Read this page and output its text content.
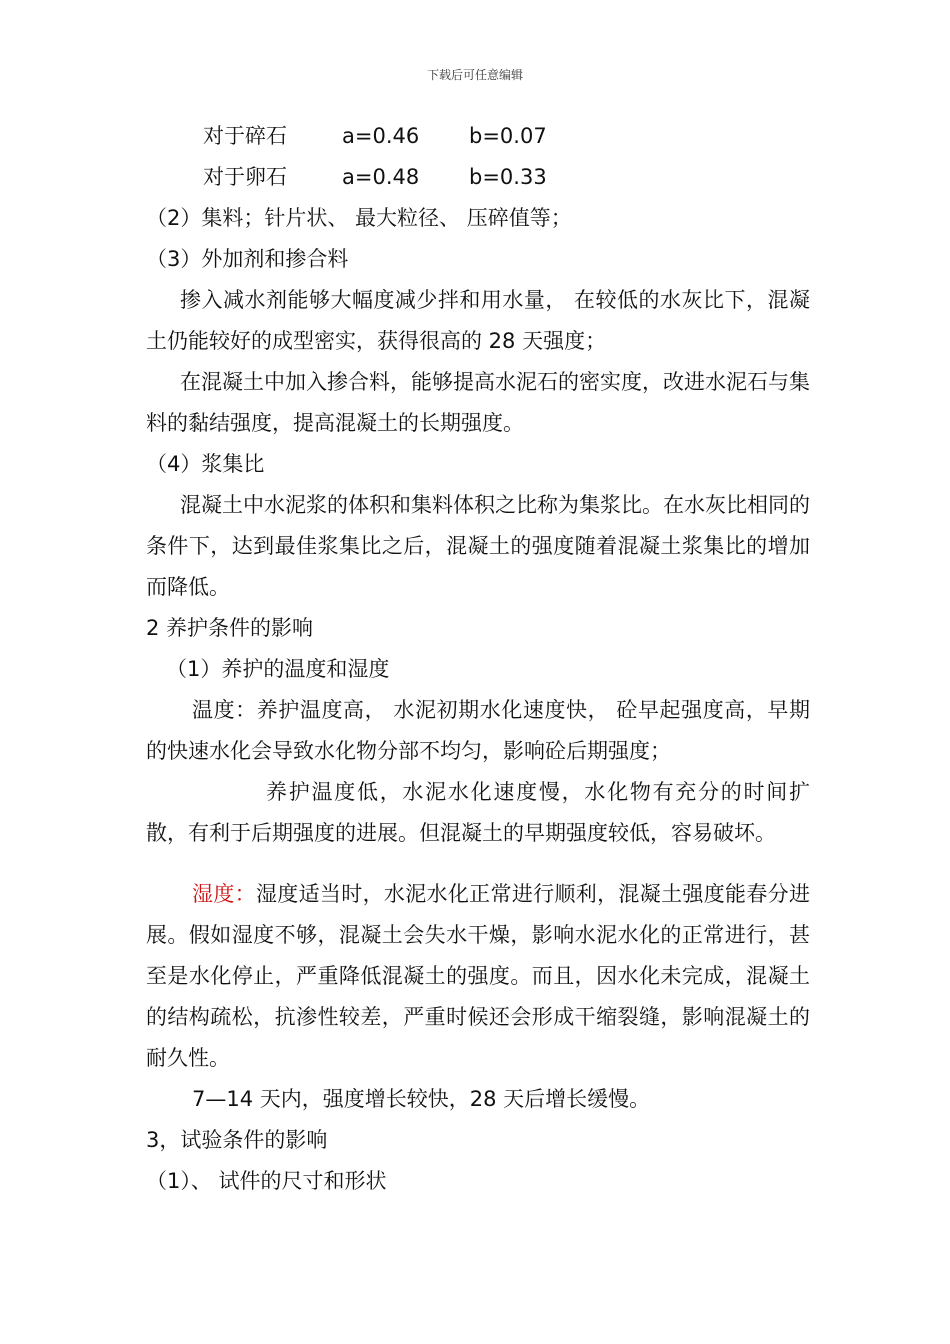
下载后可任意编辑
对于碎石	a=0.46	b=0.07
对于卵石	a=0.48	b=0.33
（2）集料；针片状、 最大粒径、 压碎值等；
（3）外加剂和掺合料
掺入减水剂能够大幅度减少拌和用水量， 在较低的水灰比下，混凝土仍能较好的成型密实，获得很高的 28 天强度；
在混凝土中加入掺合料，能够提高水泥石的密实度，改进水泥石与集料的黏结强度，提高混凝土的长期强度。
（4）浆集比
混凝土中水泥浆的体积和集料体积之比称为集浆比。在水灰比相同的条件下，达到最佳浆集比之后，混凝土的强度随着混凝土浆集比的增加而降低。
2 养护条件的影响
（1）养护的温度和湿度
温度：养护温度高， 水泥初期水化速度快， 砼早起强度高，早期的快速水化会导致水化物分部不均匀，影响砼后期强度；
养护温度低，水泥水化速度慢，水化物有充分的时间扩散，有利于后期强度的进展。但混凝土的早期强度较低，容易破坏。
湿度：湿度适当时，水泥水化正常进行顺利，混凝土强度能春分进展。假如湿度不够，混凝土会失水干燥，影响水泥水化的正常进行，甚至是水化停止，严重降低混凝土的强度。而且，因水化未完成，混凝土的结构疏松，抗渗性较差，严重时候还会形成干缩裂缝，影响混凝土的耐久性。
7—14 天内，强度增长较快，28 天后增长缓慢。
3，试验条件的影响
（1）、 试件的尺寸和形状
